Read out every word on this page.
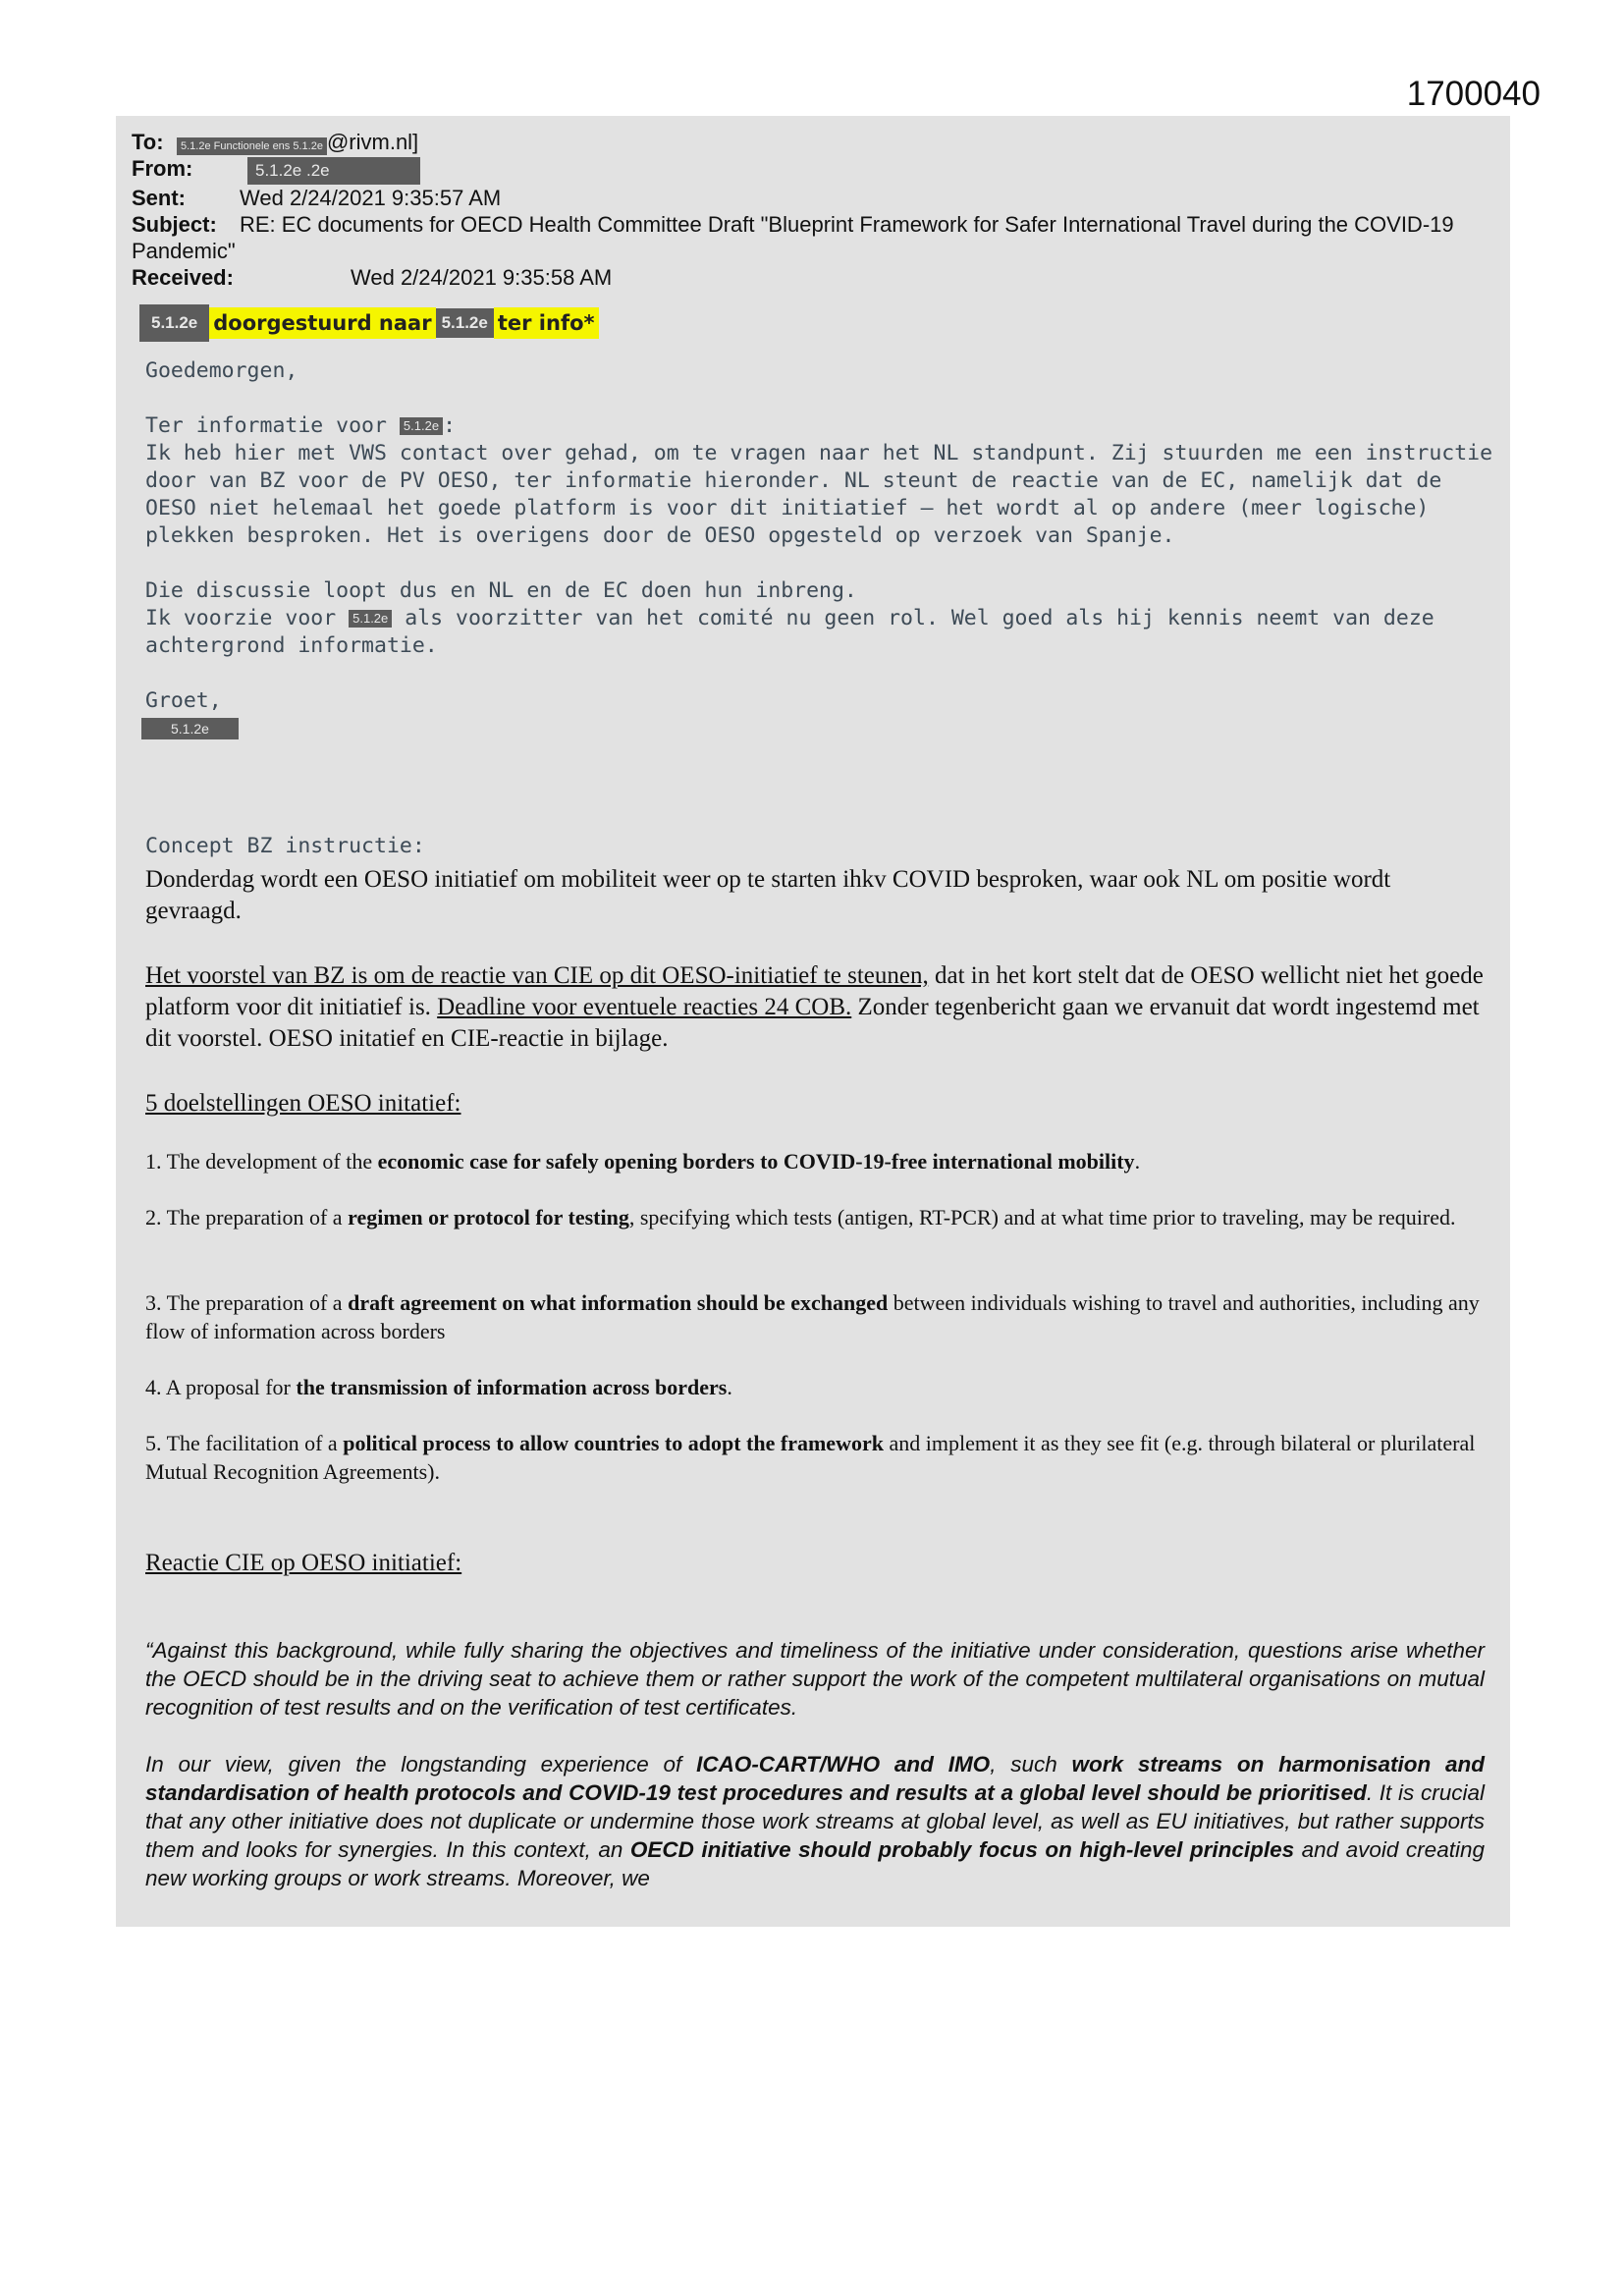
1700040
To:	5.1.2e Functionele ens 5.1.2e @rivm.nl]
From:	5.1.2e .2e
Sent:	Wed 2/24/2021 9:35:57 AM
Subject: RE: EC documents for OECD Health Committee Draft "Blueprint Framework for Safer International Travel during the COVID-19 Pandemic"
Received:	Wed 2/24/2021 9:35:58 AM
5.1.2e doorgestuurd naar 5.1.2e ter info*

Goedemorgen,

Ter informatie voor 5.1.2e :

Ik heb hier met VWS contact over gehad, om te vragen naar het NL standpunt. Zij stuurden me een instructie door van BZ voor de PV OESO, ter informatie hieronder. NL steunt de reactie van de EC, namelijk dat de OESO niet helemaal het goede platform is voor dit initiatief – het wordt al op andere (meer logische) plekken besproken. Het is overigens door de OESO opgesteld op verzoek van Spanje.

Die discussie loopt dus en NL en de EC doen hun inbreng.

Ik voorzie voor 5.1.2e als voorzitter van het comité nu geen rol. Wel goed als hij kennis neemt van deze achtergrond informatie.

Groet,

5.1.2e
Concept BZ instructie:
Donderdag wordt een OESO initiatief om mobiliteit weer op te starten ihkv COVID besproken, waar ook NL om positie wordt gevraagd.
Het voorstel van BZ is om de reactie van CIE op dit OESO-initiatief te steunen, dat in het kort stelt dat de OESO wellicht niet het goede platform voor dit initiatief is. Deadline voor eventuele reacties 24 COB. Zonder tegenbericht gaan we ervanuit dat wordt ingestemd met dit voorstel. OESO initatief en CIE-reactie in bijlage.
5 doelstellingen OESO initatief:
1. The development of the economic case for safely opening borders to COVID-19-free international mobility.
2. The preparation of a regimen or protocol for testing, specifying which tests (antigen, RT-PCR) and at what time prior to traveling, may be required.
3. The preparation of a draft agreement on what information should be exchanged between individuals wishing to travel and authorities, including any flow of information across borders
4. A proposal for the transmission of information across borders.
5. The facilitation of a political process to allow countries to adopt the framework and implement it as they see fit (e.g. through bilateral or plurilateral Mutual Recognition Agreements).
Reactie CIE op OESO initiatief:
“Against this background, while fully sharing the objectives and timeliness of the initiative under consideration, questions arise whether the OECD should be in the driving seat to achieve them or rather support the work of the competent multilateral organisations on mutual recognition of test results and on the verification of test certificates.
In our view, given the longstanding experience of ICAO-CART/WHO and IMO, such work streams on harmonisation and standardisation of health protocols and COVID-19 test procedures and results at a global level should be prioritised. It is crucial that any other initiative does not duplicate or undermine those work streams at global level, as well as EU initiatives, but rather supports them and looks for synergies. In this context, an OECD initiative should probably focus on high-level principles and avoid creating new working groups or work streams. Moreover, we
